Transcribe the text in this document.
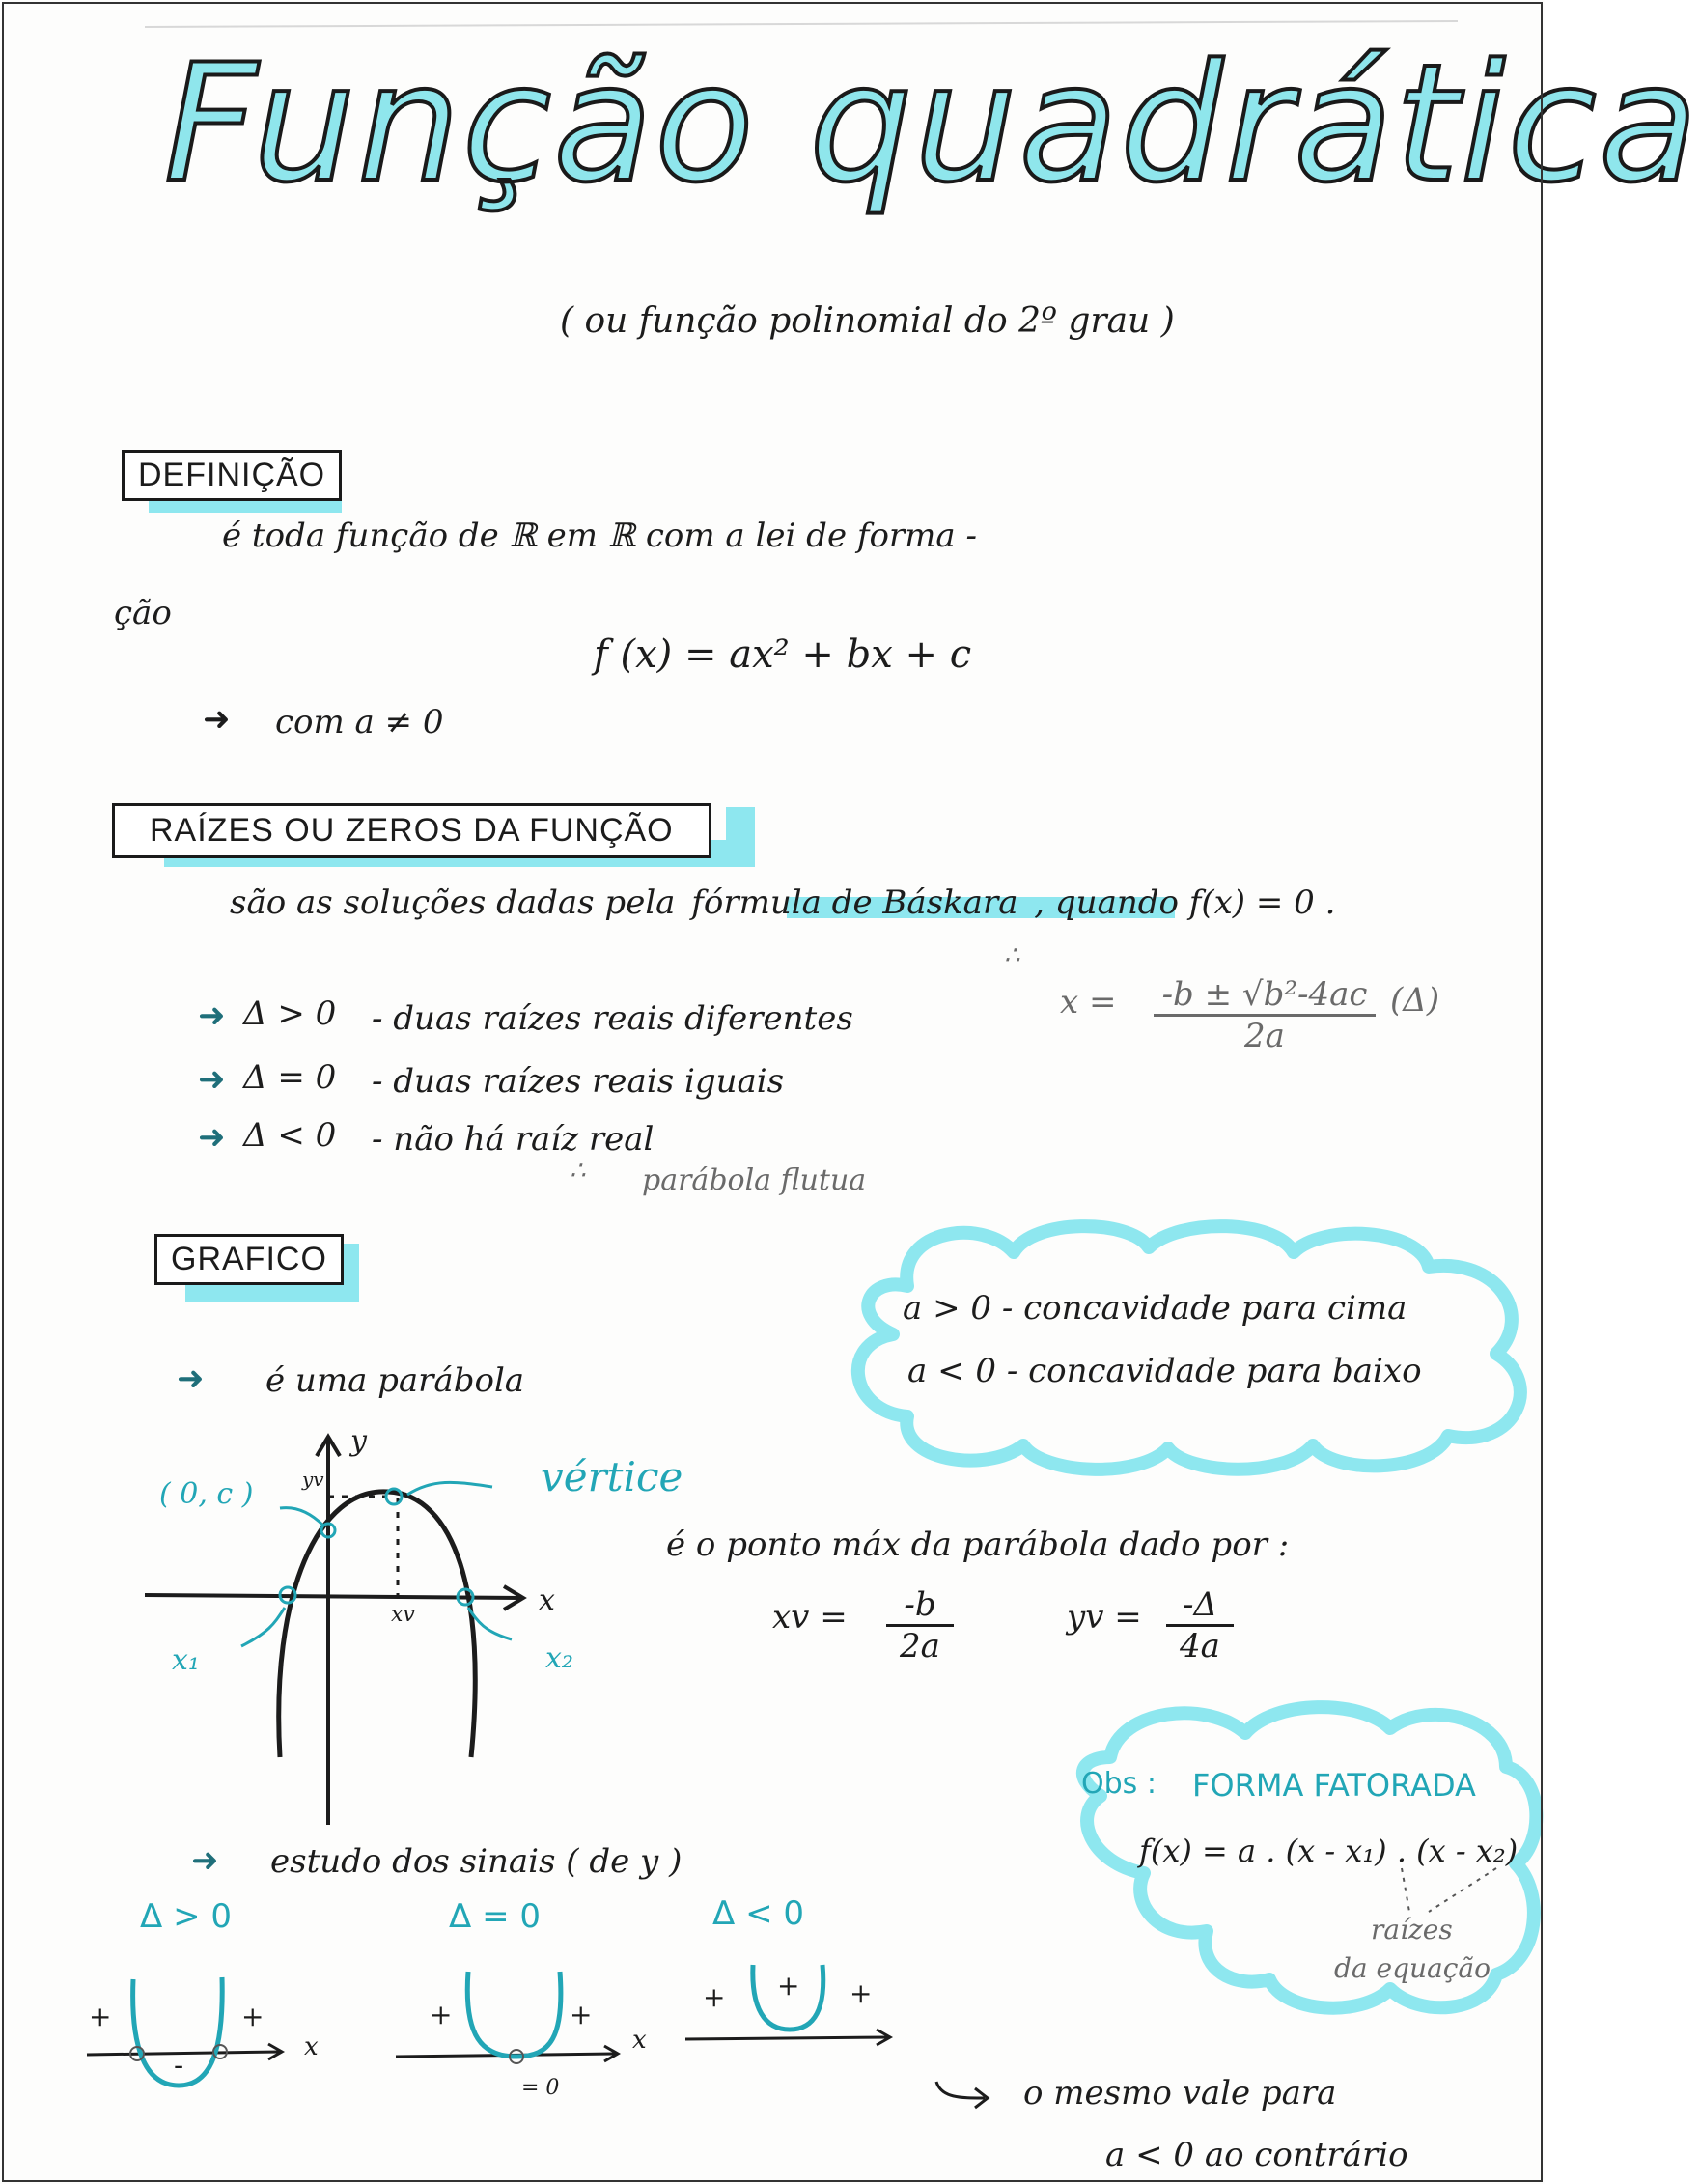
Função quadrática
( ou função polinomial do 2º grau )
DEFINIÇÃO
é toda função de ℝ em ℝ com a lei de forma -
ção
f (x) = ax² + bx + c
➜ com a ≠ 0
RAÍZES OU ZEROS DA FUNÇÃO
são as soluções dadas pela fórmula de Báskara , quando f(x) = 0 .
➜ Δ > 0 - duas raízes reais diferentes
➜ Δ = 0 - duas raízes reais iguais
➜ Δ < 0 - não há raíz real
∴ parábola flutua
∴
$x = \frac{\text{-b ± √b²-4ac}}{2a} (\Delta)$
GRAFICO
a > 0 - concavidade para cima
a < 0 - concavidade para baixo
➜ é uma parábola
y
x
yv
xv
( 0, c )
x₁	x₂
vértice
é o ponto máx da parábola dado por :
xv = $\frac{-b}{2a}$	yv = $\frac{-\Delta}{4a}$
Obs : FORMA FATORADA
f(x) = a . (x - x₁) . (x - x₂)
raízes
da equação
➜ estudo dos sinais ( de y )
Δ > 0	Δ = 0	Δ < 0
+	+
-
x
+	+
x
= 0
+ + +
o mesmo vale para
a < 0 ao contrário
